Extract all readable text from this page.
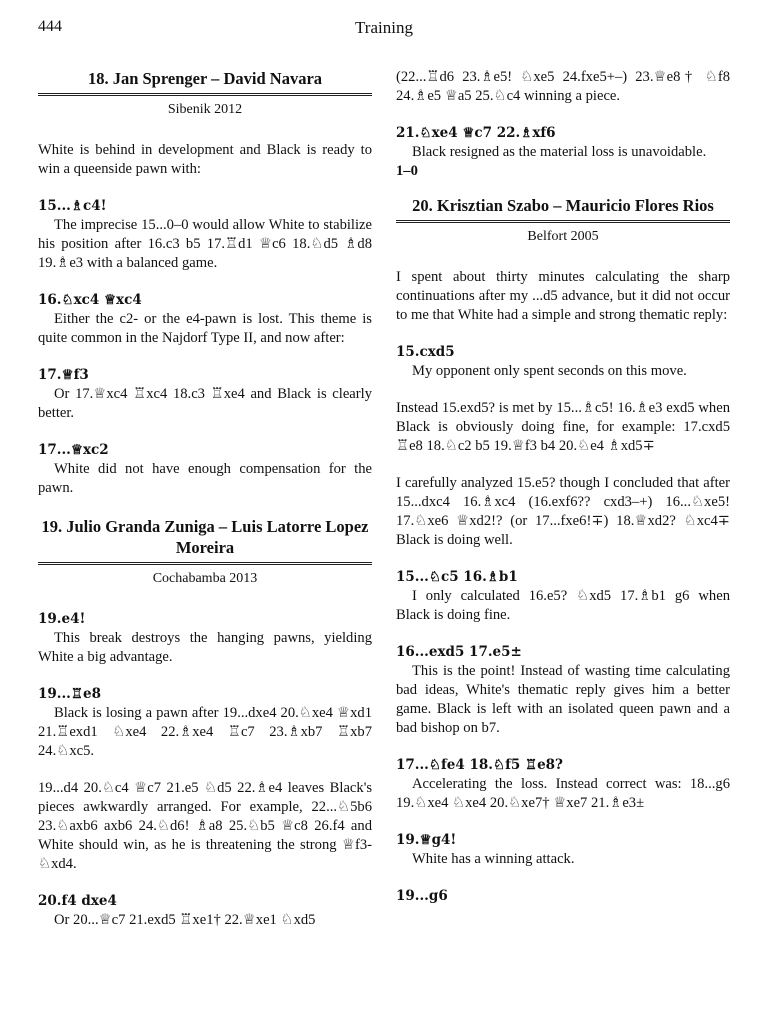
444	Training
18. Jan Sprenger – David Navara
Sibenik 2012

White is behind in development and Black is ready to win a queenside pawn with:

15...♗c4!

The imprecise 15...0–0 would allow White to stabilize his position after 16.c3 b5 17.♖d1 ♕c6 18.♘d5 ♗d8 19.♗e3 with a balanced game.

16.♘xc4 ♕xc4

Either the c2- or the e4-pawn is lost. This theme is quite common in the Najdorf Type II, and now after:

17.♕f3

Or 17.♕xc4 ♖xc4 18.c3 ♖xe4 and Black is clearly better.

17...♕xc2

White did not have enough compensation for the pawn.

19. Julio Granda Zuniga – Luis Latorre Lopez Moreira
Cochabamba 2013

19.e4!

This break destroys the hanging pawns, yielding White a big advantage.

19...♖e8

Black is losing a pawn after 19...dxe4 20.♘xe4 ♕xd1 21.♖exd1 ♘xe4 22.♗xe4 ♖c7 23.♗xb7 ♖xb7 24.♘xc5.

19...d4 20.♘c4 ♕c7 21.e5 ♘d5 22.♗e4 leaves Black's pieces awkwardly arranged. For example, 22...♘5b6 23.♘axb6 axb6 24.♘d6! ♗a8 25.♘b5 ♕c8 26.f4 and White should win, as he is threatening the strong ♕f3-♘xd4.

20.f4 dxe4

Or 20...♕c7 21.exd5 ♖xe1† 22.♕xe1 ♘xd5

(22...♖d6 23.♗e5! ♘xe5 24.fxe5+–) 23.♕e8† ♘f8 24.♗e5 ♕a5 25.♘c4 winning a piece.

21.♘xe4 ♕c7 22.♗xf6

Black resigned as the material loss is unavoidable.

1–0

20. Krisztian Szabo – Mauricio Flores Rios
Belfort 2005

I spent about thirty minutes calculating the sharp continuations after my ...d5 advance, but it did not occur to me that White had a simple and strong thematic reply:

15.cxd5

My opponent only spent seconds on this move.

Instead 15.exd5? is met by 15...♗c5! 16.♗e3 exd5 when Black is obviously doing fine, for example: 17.cxd5 ♖e8 18.♘c2 b5 19.♕f3 b4 20.♘e4 ♗xd5∓

I carefully analyzed 15.e5? though I concluded that after 15...dxc4 16.♗xc4 (16.exf6?? cxd3–+) 16...♘xe5! 17.♘xe6 ♕xd2!? (or 17...fxe6!∓) 18.♕xd2? ♘xc4∓ Black is doing well.

15...♘c5 16.♗b1

I only calculated 16.e5? ♘xd5 17.♗b1 g6 when Black is doing fine.

16...exd5 17.e5±

This is the point! Instead of wasting time calculating bad ideas, White's thematic reply gives him a better game. Black is left with an isolated queen pawn and a bad bishop on b7.

17...♘fe4 18.♘f5 ♖e8?

Accelerating the loss. Instead correct was: 18...g6 19.♘xe4 ♘xe4 20.♘xe7† ♕xe7 21.♗e3±

19.♕g4!

White has a winning attack.

19...g6
